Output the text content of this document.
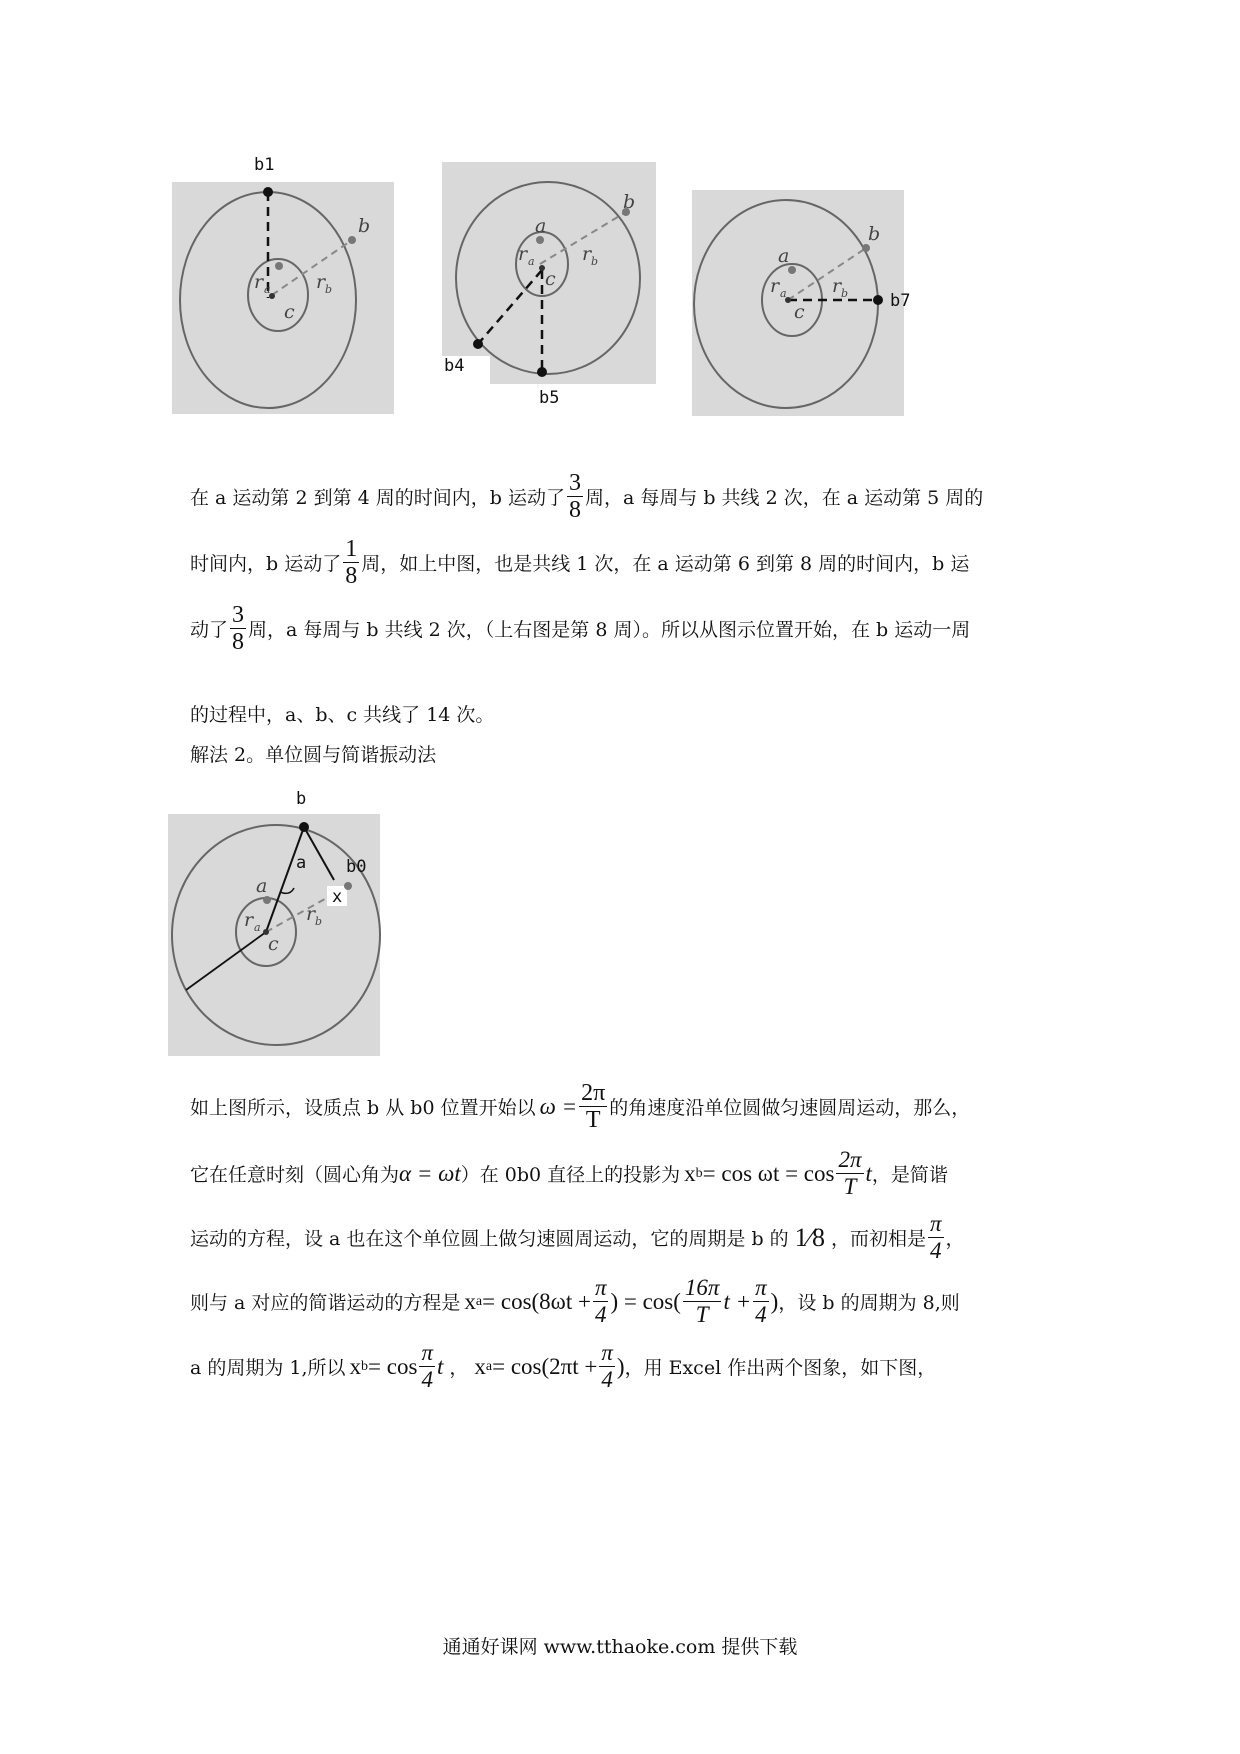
b1
b
c
r a r b
a
b
c
r a r b
b4
b5
a
b
c
r a r b b7
在 a 运动第 2 到第 4 周的时间内，b 运动了 $\frac{3}{8}$ 周，a 每周与 b 共线 2 次，在 a 运动第 5 周的
时间内，b 运动了 $\frac{1}{8}$ 周，如上中图，也是共线 1 次，在 a 运动第 6 到第 8 周的时间内，b 运
动了 $\frac{3}{8}$ 周，a 每周与 b 共线 2 次，（上右图是第 8 周）。所以从图示位置开始，在 b 运动一周
的过程中，a、b、c 共线了 14 次。
解法 2。单位圆与简谐振动法
b
b0
a
c
a
x
r a
r b
如上图所示，设质点 b 从 b0 位置开始以 $\omega = \frac{2\pi}{T}$ 的角速度沿单位圆做匀速圆周运动，那么，
它在任意时刻（圆心角为 α = ωt ）在 0b0 直径上的投影为 x $b = \cos \omega t = \cos \frac{2\pi}{T}$ t ，是简谐
运动的方程，设 a 也在这个单位圆上做匀速圆周运动，它的周期是 b 的 1⁄8 ，而初相是 $\frac{\pi}{4}$ ，
则与 a 对应的简谐运动的方程是 x $a = \cos(8\omega t + \frac{\pi}{4}$ ) = $\cos( \frac{16\pi}{T}$ $t + \frac{\pi}{4}$ ) ，设 b 的周期为 8,则
a 的周期为 1,所以 x $b = \cos \frac{\pi}{4}$ t ， x $a = \cos(2\pi t + \frac{\pi}{4}$ ) ，用 Excel 作出两个图象，如下图，
通通好课网 www.tthaoke.com 提供下载
